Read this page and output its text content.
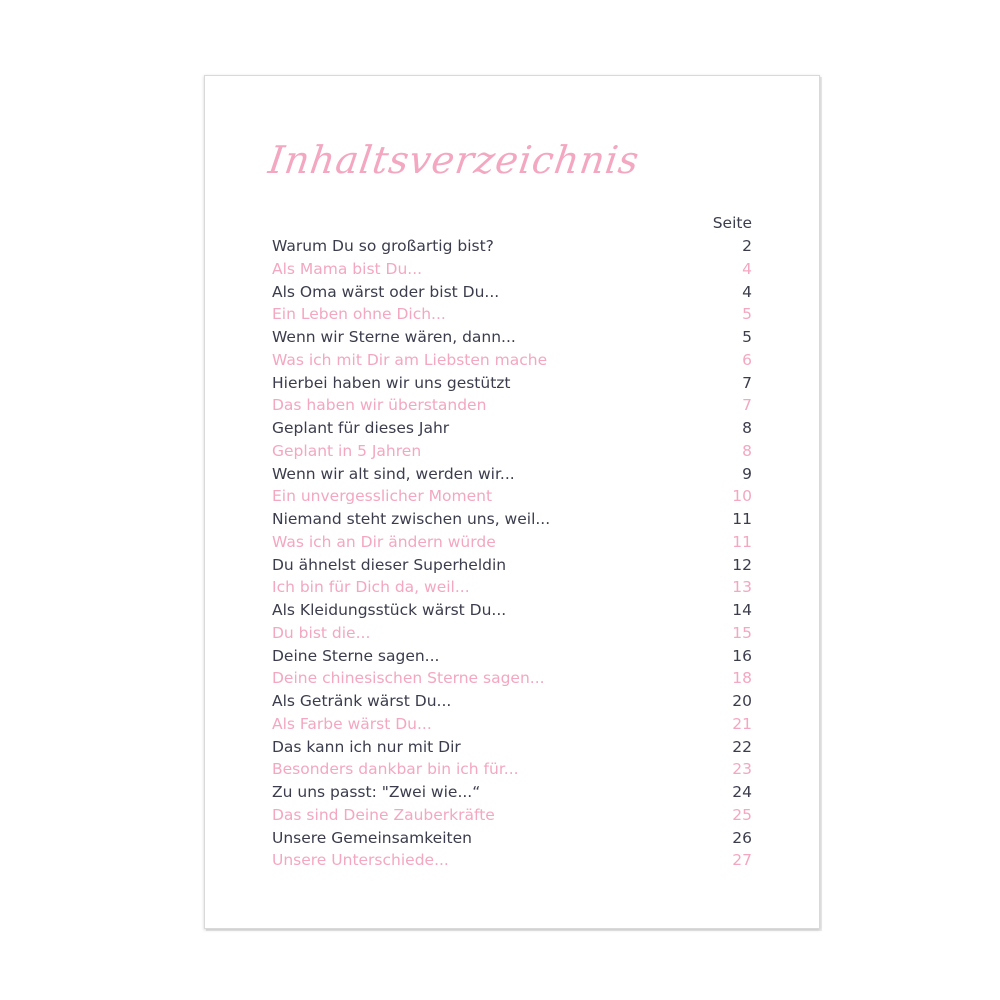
Inhaltsverzeichnis
Seite
Warum Du so großartig bist?	2
Als Mama bist Du...	4
Als Oma wärst oder bist Du...	4
Ein Leben ohne Dich...	5
Wenn wir Sterne wären, dann...	5
Was ich mit Dir am Liebsten mache	6
Hierbei haben wir uns gestützt	7
Das haben wir überstanden	7
Geplant für dieses Jahr	8
Geplant in 5 Jahren	8
Wenn wir alt sind, werden wir...	9
Ein unvergesslicher Moment	10
Niemand steht zwischen uns, weil...	11
Was ich an Dir ändern würde	11
Du ähnelst dieser Superheldin	12
Ich bin für Dich da, weil...	13
Als Kleidungsstück wärst Du...	14
Du bist die...	15
Deine Sterne sagen...	16
Deine chinesischen Sterne sagen...	18
Als Getränk wärst Du...	20
Als Farbe wärst Du...	21
Das kann ich nur mit Dir	22
Besonders dankbar bin ich für...	23
Zu uns passt: "Zwei wie...“	24
Das sind Deine Zauberkräfte	25
Unsere Gemeinsamkeiten	26
Unsere Unterschiede...	27
